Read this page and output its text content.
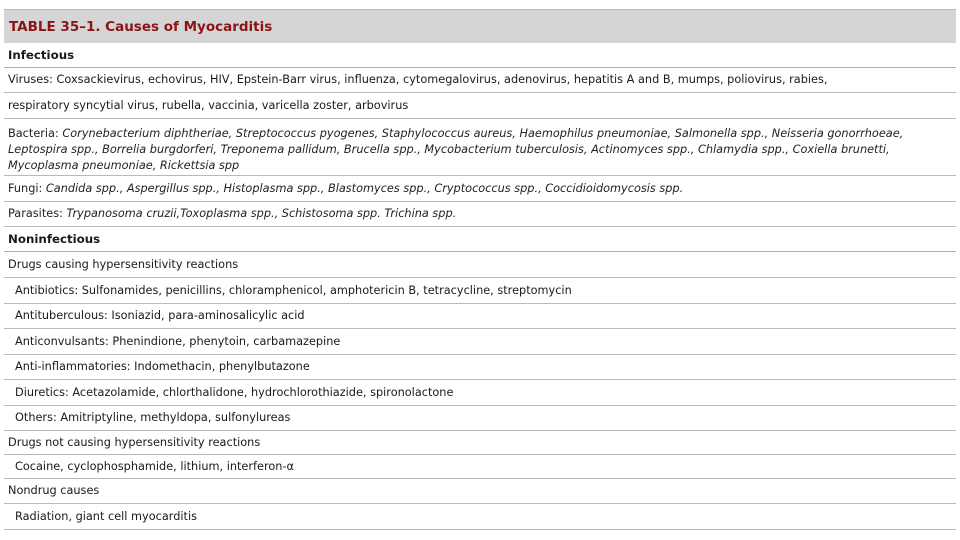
TABLE 35–1. Causes of Myocarditis
Infectious
Viruses: Coxsackievirus, echovirus, HIV, Epstein-Barr virus, influenza, cytomegalovirus, adenovirus, hepatitis A and B, mumps, poliovirus, rabies,
respiratory syncytial virus, rubella, vaccinia, varicella zoster, arbovirus
Bacteria: Corynebacterium diphtheriae, Streptococcus pyogenes, Staphylococcus aureus, Haemophilus pneumoniae, Salmonella spp., Neisseria gonorrhoeae, Leptospira spp., Borrelia burgdorferi, Treponema pallidum, Brucella spp., Mycobacterium tuberculosis, Actinomyces spp., Chlamydia spp., Coxiella brunetti, Mycoplasma pneumoniae, Rickettsia spp
Fungi: Candida spp., Aspergillus spp., Histoplasma spp., Blastomyces spp., Cryptococcus spp., Coccidioidomycosis spp.
Parasites: Trypanosoma cruzii,Toxoplasma spp., Schistosoma spp. Trichina spp.
Noninfectious
Drugs causing hypersensitivity reactions
Antibiotics: Sulfonamides, penicillins, chloramphenicol, amphotericin B, tetracycline, streptomycin
Antituberculous: Isoniazid, para-aminosalicylic acid
Anticonvulsants: Phenindione, phenytoin, carbamazepine
Anti-inflammatories: Indomethacin, phenylbutazone
Diuretics: Acetazolamide, chlorthalidone, hydrochlorothiazide, spironolactone
Others: Amitriptyline, methyldopa, sulfonylureas
Drugs not causing hypersensitivity reactions
Cocaine, cyclophosphamide, lithium, interferon-α
Nondrug causes
Radiation, giant cell myocarditis
